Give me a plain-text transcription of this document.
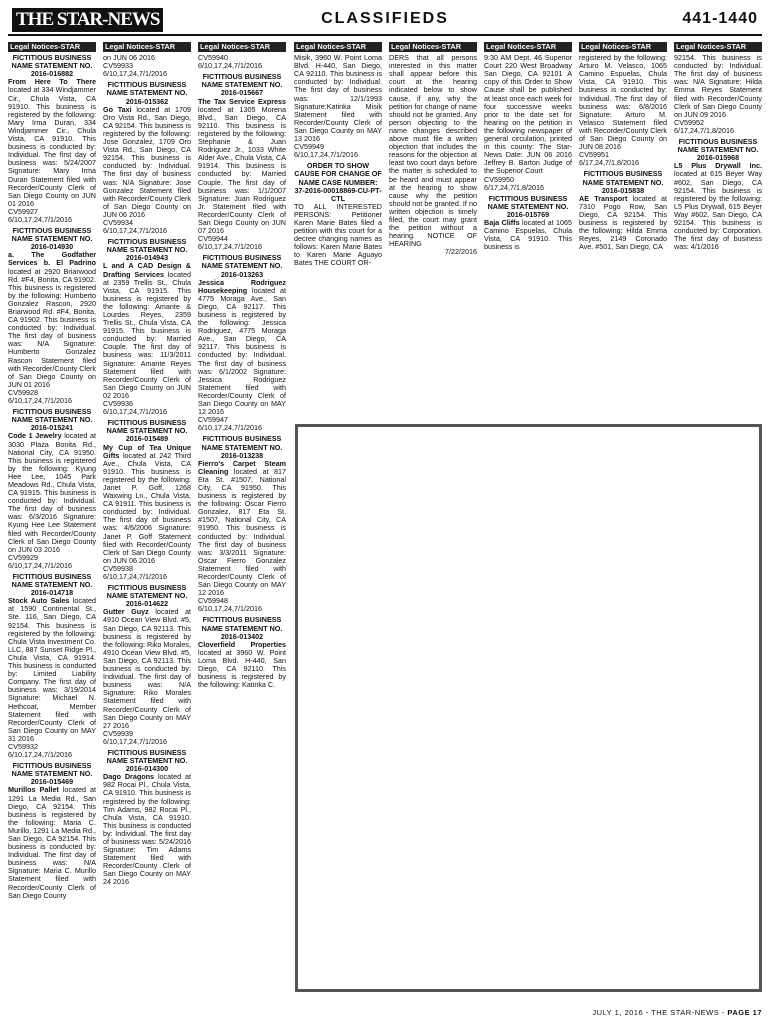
THE STAR-NEWS	CLASSIFIEDS	441-1440
Legal Notices-STAR
FICTITIOUS BUSINESS NAME STATEMENT NO. 2016-016882
From Here To There located at 334 Windjammer Cir., Chula Vista, CA 91910. This business is registered by the following: Mary Irma Duran, 334 Windjammer Cir., Chula Vista, CA 91910. This business is conducted by: Individual. The first day of business was: 5/24/2007 Signature: Mary Irma Duran Statement filed with Recorder/County Clerk of San Diego County on JUN 01 2016
CV59927
6/10,17,24,7/1/2016
FICTITIOUS BUSINESS NAME STATEMENT NO. 2016-014930
a. The Godfather Services b. El Padrino located at 2920 Briarwood Rd. #F4, Bonita, CA 91902. This business is registered by the following: Humberto Gonzalez Rascon, 2920 Briarwood Rd. #F4, Bonita, CA 91902. This business is conducted by: Individual. The first day of business was: N/A Signature: Humberto Gonzalez Rascon Statement filed with Recorder/County Clerk of San Diego County on JUN 01 2016
CV59928
6/10,17,24,7/1/2016
FICTITIOUS BUSINESS NAME STATEMENT NO. 2016-015241
Code 1 Jewelry located at 3030 Plaza Bonita Rd., National City, CA 91950. This business is registered by the following: Kyung Hee Lee, 1045 Park Meadows Rd., Chula Vista, CA 91915. This business is conducted by: Individual. The first day of business was: 6/3/2016 Signature: Kyung Hee Lee Statement filed with Recorder/County Clerk of San Diego County on JUN 03 2016
CV59929
6/10,17,24,7/1/2016
FICTITIOUS BUSINESS NAME STATEMENT NO. 2016-014718
Stock Auto Sales located at 1590 Continental St., Ste. 116, San Diego, CA 92154. This business is registered by the following: Chula Vista Investment Co. LLC, 887 Sunset Ridge Pl., Chula Vista, CA 91914. This business is conducted by: Limited Liability Company. The first day of business was: 3/19/2014 Signature: Michael N. Hethcoat, Member Statement filed with Recorder/County Clerk of San Diego County on MAY 31 2016
CV59932
6/10,17,24,7/1/2016
FICTITIOUS BUSINESS NAME STATEMENT NO. 2016-015469
Murillos Pallet located at 1291 La Media Rd., San Diego, CA 92154. This business is registered by the following: Maria C. Murillo, 1291 La Media Rd., San Diego, CA 92154. This business is conducted by: Individual. The first day of business was: N/A Signature: Maria C. Murillo Statement filed with Recorder/County Clerk of San Diego County
Legal Notices-STAR
on JUN 06 2016
CV59933
6/10,17,24,7/1/2016
FICTITIOUS BUSINESS NAME STATEMENT NO. 2016-015362
Go Taxi located at 1709 Oro Vista Rd., San Diego, CA 92154. This business is registered by the following: Jose Gonzalez, 1709 Oro Vista Rd., San Diego, CA 92154. This business is conducted by: Individual. The first day of business was: N/A Signature: Jose Gonzalez Statement filed with Recorder/County Clerk of San Diego County on JUN 06 2016
CV59934
6/10,17,24,7/1/2016
FICTITIOUS BUSINESS NAME STATEMENT NO. 2016-014943
L and A CAD Design & Drafting Services located at 2359 Trellis St., Chula Vista, CA 91915. This business is registered by the following: Amante & Lourdes Reyes, 2359 Trellis St., Chula Vista, CA 91915. This business is conducted by: Married Couple. The first day of business was: 11/3/2011 Signature: Amante Reyes Statement filed with Recorder/County Clerk of San Diego County on JUN 02 2016
CV59936
6/10,17,24,7/1/2016
FICTITIOUS BUSINESS NAME STATEMENT NO. 2016-015489
My Cup of Tea Unique Gifts located at 242 Third Ave., Chula Vista, CA 91910. This business is registered by the following: Janet P. Goff, 1268 Waxwing Ln., Chula Vista, CA 91911. This business is conducted by: Individual. The first day of business was: 4/6/2006 Signature: Janet P. Goff Statement filed with Recorder/County Clerk of San Diego County on JUN 06 2016
CV59938
6/10,17,24,7/1/2016
FICTITIOUS BUSINESS NAME STATEMENT NO. 2016-014622
Gutter Guyz located at 4910 Ocean View Blvd. #5, San Diego, CA 92113. This business is registered by the following: Riko Morales, 4910 Ocean View Blvd. #5, San Diego, CA 92113. This business is conducted by: Individual. The first day of business was: N/A Signature: Riko Morales Statement filed with Recorder/County Clerk of San Diego County on MAY 27 2016
CV59939
6/10,17,24,7/1/2016
FICTITIOUS BUSINESS NAME STATEMENT NO. 2016-014300
Dago Dragons located at 982 Rocai Pl., Chula Vista, CA 91910. This business is registered by the following: Tim Adams, 982 Rocai Pl., Chula Vista, CA 91910. This business is conducted by: Individual. The first day of business was: 5/24/2016 Signature: Tim Adams Statement filed with Recorder/County Clerk of San Diego County on MAY 24 2016
Legal Notices-STAR
CV59940
6/10,17,24,7/1/2016
FICTITIOUS BUSINESS NAME STATEMENT NO. 2016-015667
The Tax Service Express located at 1305 Morena Blvd., San Diego, CA 92110. This business is registered by the following: Stephanie & Juan Rodriguez Jr., 1033 White Alder Ave., Chula Vista, CA 91914. This business is conducted by: Married Couple. The first day of business was: 1/1/2007 Signature: Juan Rodriguez Jr. Statement filed with Recorder/County Clerk of San Diego County on JUN 07 2016
CV59944
6/10,17,24,7/1/2016
FICTITIOUS BUSINESS NAME STATEMENT NO. 2016-013263
Jessica Rodriguez Housekeeping located at 4775 Moraga Ave., San Diego, CA 92117. This business is registered by the following: Jessica Rodriguez, 4775 Moraga Ave., San Diego, CA 92117. This business is conducted by: Individual. The first day of business was: 6/1/2002 Signature: Jessica Rodriguez Statement filed with Recorder/County Clerk of San Diego County on MAY 12 2016
CV59947
6/10,17,24,7/1/2016
FICTITIOUS BUSINESS NAME STATEMENT NO. 2016-013238
Fierro's Carpet Steam Cleaning located at 817 Eta St. #1507, National City, CA 91950. This business is registered by the following: Oscar Fierro Gonzalez, 817 Eta St. #1507, National City, CA 91950. This business is conducted by: Individual. The first day of business was: 3/3/2011 Signature: Oscar Fierro Gonzalez Statement filed with Recorder/County Clerk of San Diego County on MAY 12 2016
CV59948
6/10,17,24,7/1/2016
FICTITIOUS BUSINESS NAME STATEMENT NO. 2016-013402
Cloverfield Properties located at 3960 W. Point Loma Blvd. H-440, San Diego, CA 92110. This business is registered by the following: Katinka C.
Legal Notices-STAR
Misik, 3960 W. Point Loma Blvd. H-440, San Diego, CA 92110. This business is conducted by: Individual. The first day of business was: 12/1/1993 Signature:Katinka Misik Statement filed with Recorder/County Clerk of San Diego County on MAY 13 2016
CV59949
6/10,17,24,7/1/2016
ORDER TO SHOW CAUSE FOR CHANGE OF NAME CASE NUMBER: 37-2016-00018869-CU-PT-CTL
TO ALL INTERESTED PERSONS: Petitioner Karen Marie Bates filed a petition with this court for a decree changing names as follows: Karen Marie Bates to Karen Marie Aguayo Bates THE COURT OR-
Legal Notices-STAR
DERS that all persons interested in this matter shall appear before this court at the hearing indicated below to show cause, if any, why the petition for change of name should not be granted. Any person objecting to the name changes described above must file a written objection that includes the reasons for the objection at least two court days before the matter is scheduled to be heard and must appear at the hearing to show cause why the petition should not be granted. If no written objection is timely filed, the court may grant the petition without a hearing. NOTICE OF HEARING
7/22/2016
Legal Notices-STAR
9:30 AM Dept. 46 Superior Court 220 West Broadway San Diego, CA 92101 A copy of this Order to Show Cause shall be published at least once each week for four successive weeks prior to the date set for hearing on the petition in the following newspaper of general circulation, printed in this county: The Star-News Date: JUN 06 2016 Jeffrey B. Barton Judge of the Superior Court
CV59950
6/17,24,7/1,8/2016
FICTITIOUS BUSINESS NAME STATEMENT NO. 2016-015769
Baja Cliffs located at 1065 Camino Espuelas, Chula Vista, CA 91910. This business is
Legal Notices-STAR
registered by the following: Arturo M. Velasco, 1065 Camino Espuelas, Chula Vista, CA 91910. This business is conducted by: Individual. The first day of business was: 6/8/2016 Signature: Arturo M. Velasco Statement filed with Recorder/County Clerk of San Diego County on JUN 08 2016
CV59951
6/17,24,7/1,8/2016
FICTITIOUS BUSINESS NAME STATEMENT NO. 2016-015838
AE Transport located at 7310 Pogo Row, San Diego, CA 92154. This business is registered by the following: Hilda Emma Reyes, 2149 Coronado Ave. #501, San Diego, CA
Legal Notices-STAR
92154. This business is conducted by: Individual. The first day of business was: N/A Signature: Hilda Emma Reyes Statement filed with Recorder/County Clerk of San Diego County on JUN 09 2016
CV59952
6/17,24,7/1,8/2016
FICTITIOUS BUSINESS NAME STATEMENT NO. 2016-015968
L5 Plus Drywall Inc. located at 615 Beyer Way #602, San Diego, CA 92154. This business is registered by the following: L5 Plus Drywall, 615 Beyer Way #602, San Diego, CA 92154. This business is conducted by: Corporation. The first day of business was: 4/1/2016
JULY 1, 2016 - THE STAR-NEWS - PAGE 17
